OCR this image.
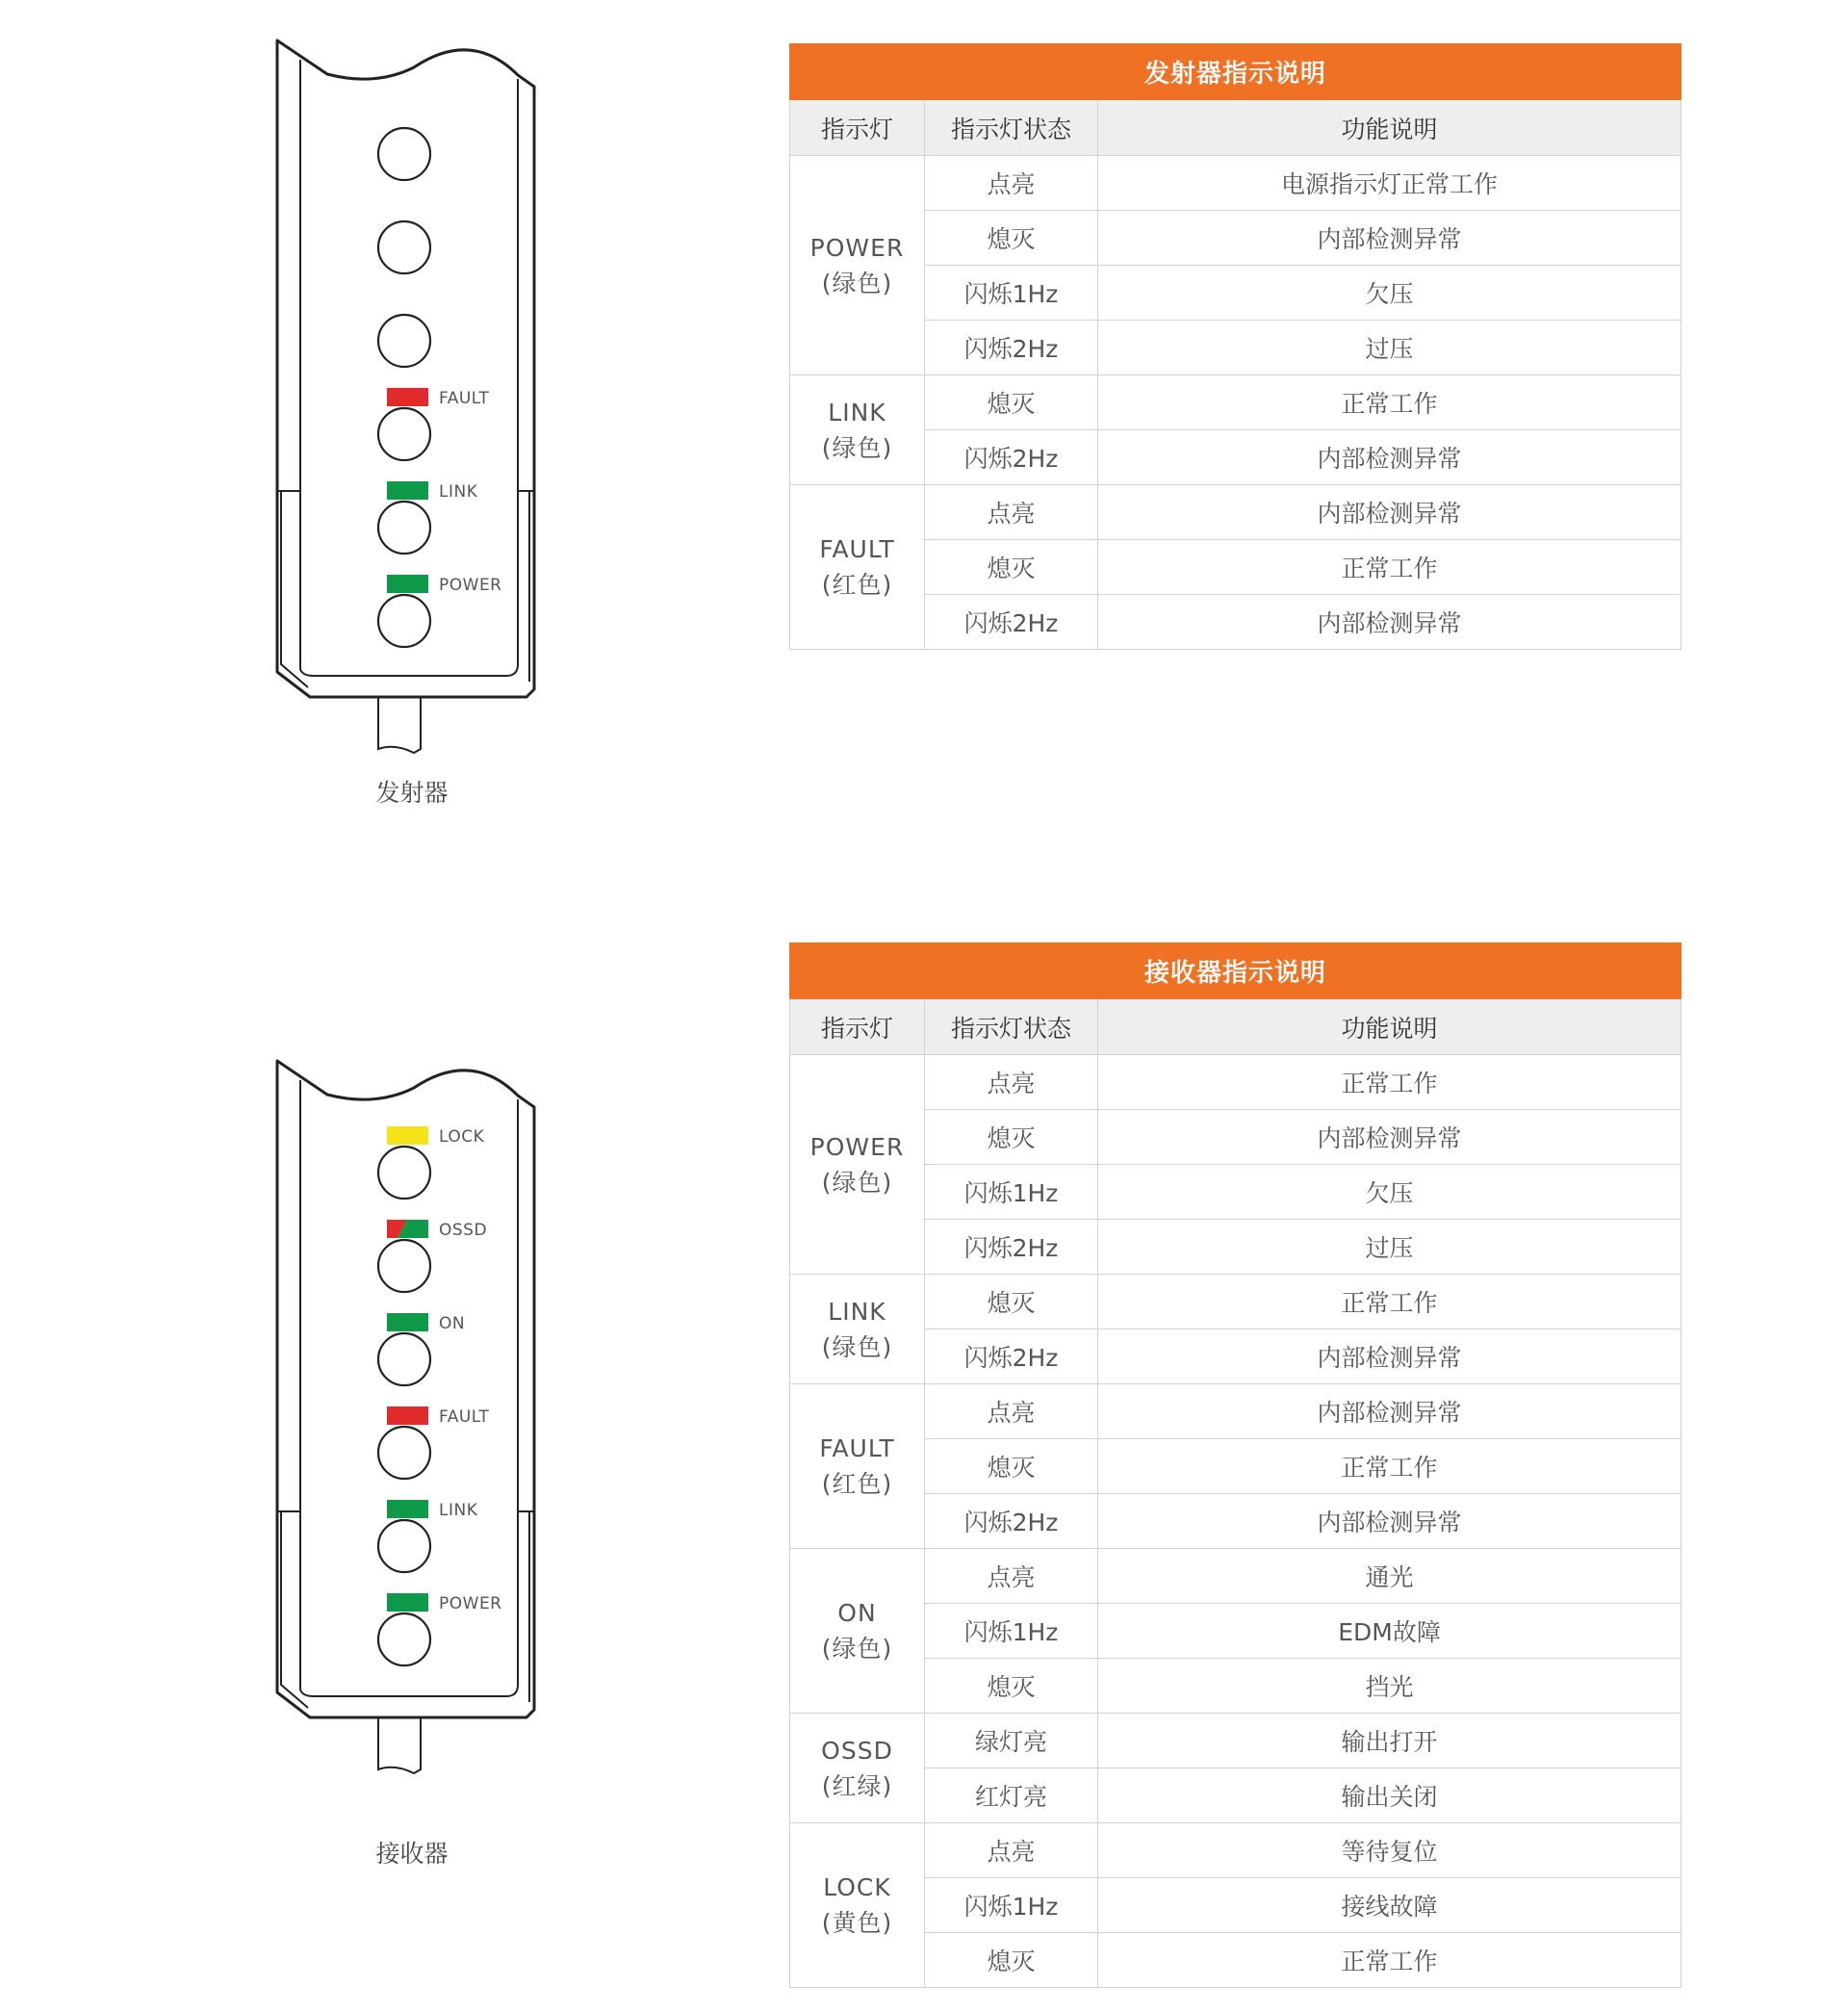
FAULT
LINK
POWER
发射器
发射器指示说明		
指示灯	指示灯状态	功能说明

POWER
(绿色)	点亮	电源指示灯正常工作
	熄灭	内部检测异常
	闪烁1Hz	欠压
	闪烁2Hz	过压

LINK
(绿色)	熄灭	正常工作
	闪烁2Hz	内部检测异常

FAULT
(红色)	点亮	内部检测异常
	熄灭	正常工作
	闪烁2Hz	内部检测异常
LOCK
OSSD
ON
FAULT
LINK
POWER
接收器
接收器指示说明		
指示灯	指示灯状态	功能说明

POWER
(绿色)	点亮	正常工作
	熄灭	内部检测异常
	闪烁1Hz	欠压
	闪烁2Hz	过压

LINK
(绿色)	熄灭	正常工作
	闪烁2Hz	内部检测异常

FAULT
(红色)	点亮	内部检测异常
	熄灭	正常工作
	闪烁2Hz	内部检测异常

ON
(绿色)	点亮	通光
	闪烁1Hz	EDM故障
	熄灭	挡光

OSSD
(红绿)	绿灯亮	输出打开
	红灯亮	输出关闭

LOCK
(黄色)	点亮	等待复位
	闪烁1Hz	接线故障
	熄灭	正常工作
